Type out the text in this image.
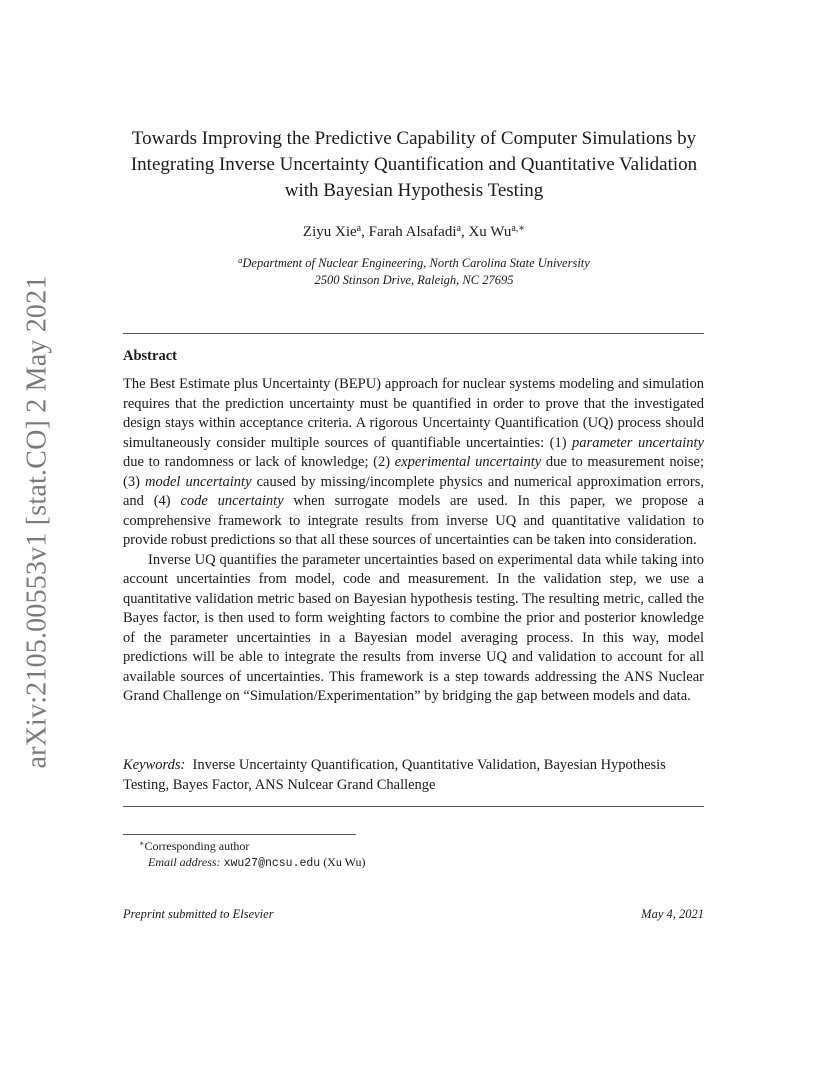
arXiv:2105.00553v1 [stat.CO] 2 May 2021
Towards Improving the Predictive Capability of Computer Simulations by
Integrating Inverse Uncertainty Quantification and Quantitative Validation
with Bayesian Hypothesis Testing
Ziyu Xie$^a$, Farah Alsafadi$^a$, Xu $Wu^{a,∗}$
$^a$Department of Nuclear Engineering, North Carolina State University
2500 Stinson Drive, Raleigh, NC 27695
Abstract

The Best Estimate plus Uncertainty (BEPU) approach for nuclear systems modeling and simulation requires that the prediction uncertainty must be quantified in order to prove that the investigated design stays within acceptance criteria. A rigorous Uncertainty Quantification (UQ) process should simultaneously consider multiple sources of quantifiable uncertainties: (1) parameter uncertainty due to randomness or lack of knowledge; (2) experimental uncertainty due to measurement noise; (3) model uncertainty caused by missing/incomplete physics and numerical approximation errors, and (4) code uncertainty when surrogate models are used. In this paper, we propose a comprehensive framework to integrate results from inverse UQ and quantitative validation to provide robust predictions so that all these sources of uncertainties can be taken into consideration.

Inverse UQ quantifies the parameter uncertainties based on experimental data while taking into account uncertainties from model, code and measurement. In the validation step, we use a quantitative validation metric based on Bayesian hypothesis testing. The resulting metric, called the Bayes factor, is then used to form weighting factors to combine the prior and posterior knowledge of the parameter uncertainties in a Bayesian model averaging process. In this way, model predictions will be able to integrate the results from inverse UQ and validation to account for all available sources of uncertainties. This framework is a step towards addressing the ANS Nuclear Grand Challenge on “Simulation/Experimentation” by bridging the gap between models and data.

Keywords: Inverse Uncertainty Quantification, Quantitative Validation, Bayesian Hypothesis Testing, Bayes Factor, ANS Nulcear Grand Challenge
∗Corresponding author
Email address: xwu27@ncsu.edu (Xu Wu)
Preprint submitted to Elsevier	May 4, 2021
